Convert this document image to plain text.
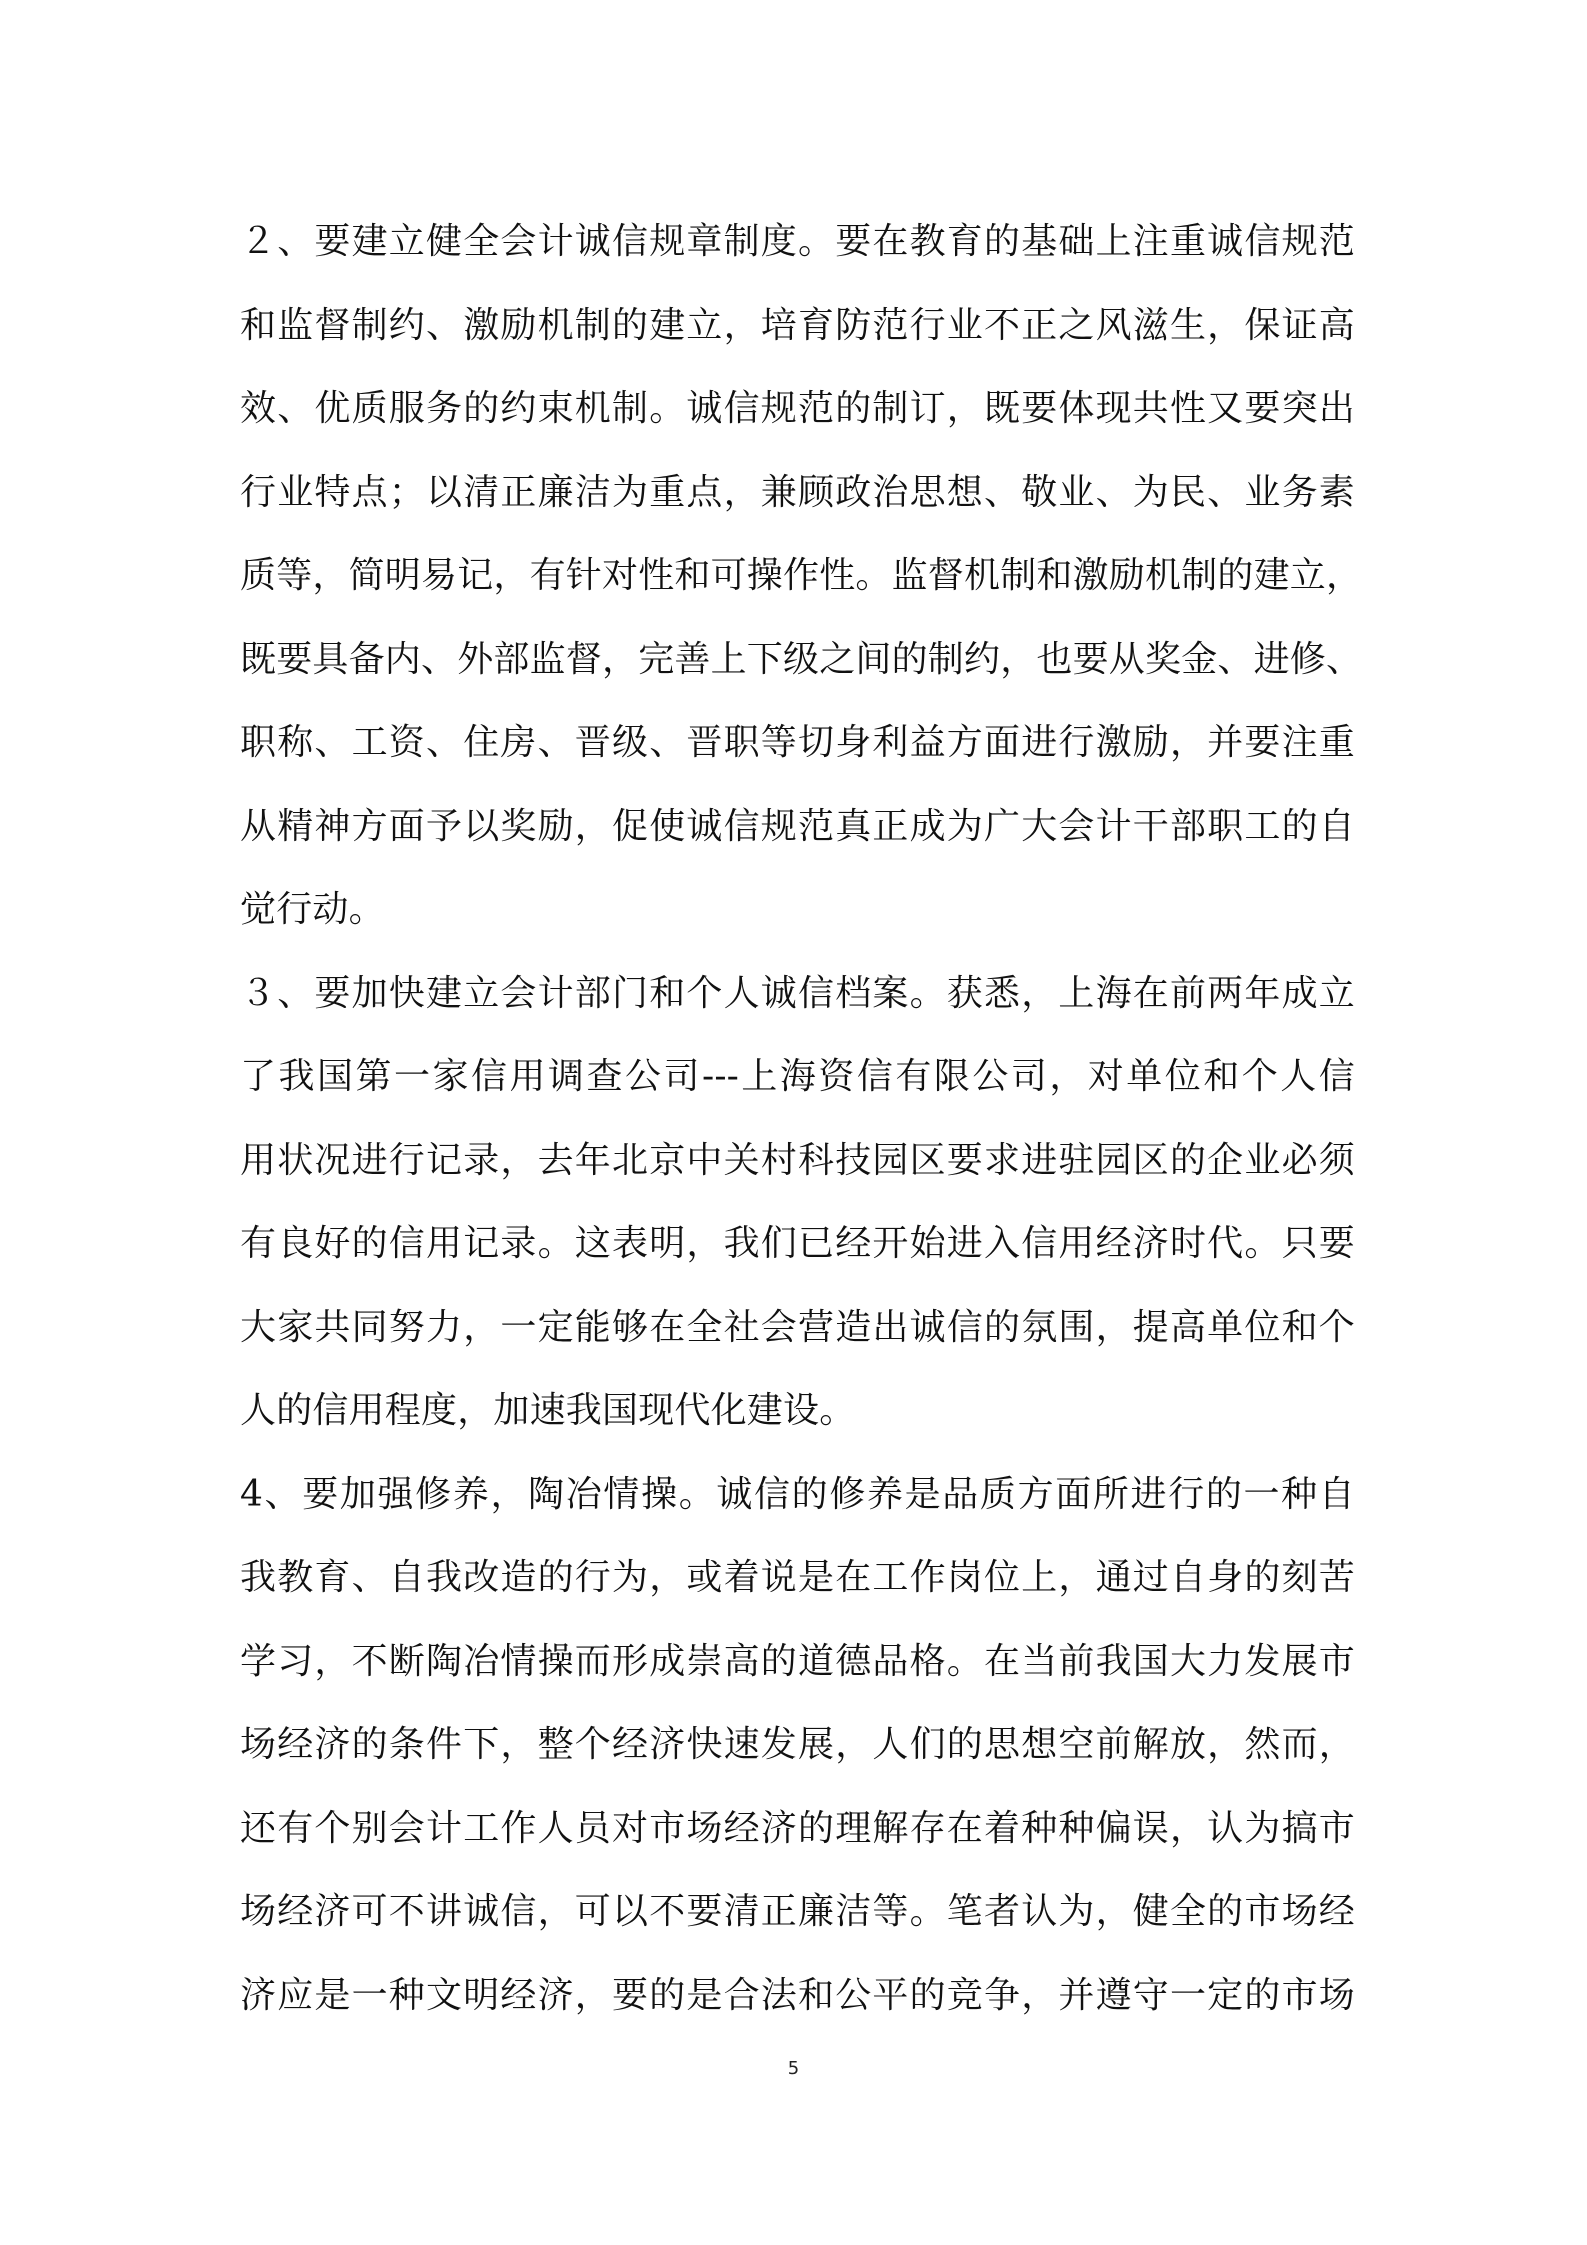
２、要建立健全会计诚信规章制度。要在教育的基础上注重诚信规范
和监督制约、激励机制的建立，培育防范行业不正之风滋生，保证高
效、优质服务的约束机制。诚信规范的制订，既要体现共性又要突出
行业特点；以清正廉洁为重点，兼顾政治思想、敬业、为民、业务素
质等，简明易记，有针对性和可操作性。监督机制和激励机制的建立，
既要具备内、外部监督，完善上下级之间的制约，也要从奖金、进修、
职称、工资、住房、晋级、晋职等切身利益方面进行激励，并要注重
从精神方面予以奖励，促使诚信规范真正成为广大会计干部职工的自
觉行动。
３、要加快建立会计部门和个人诚信档案。获悉，上海在前两年成立
了我国第一家信用调查公司---上海资信有限公司，对单位和个人信
用状况进行记录，去年北京中关村科技园区要求进驻园区的企业必须
有良好的信用记录。这表明，我们已经开始进入信用经济时代。只要
大家共同努力，一定能够在全社会营造出诚信的氛围，提高单位和个
人的信用程度，加速我国现代化建设。
4、要加强修养，陶冶情操。诚信的修养是品质方面所进行的一种自
我教育、自我改造的行为，或着说是在工作岗位上，通过自身的刻苦
学习，不断陶冶情操而形成崇高的道德品格。在当前我国大力发展市
场经济的条件下，整个经济快速发展，人们的思想空前解放，然而，
还有个别会计工作人员对市场经济的理解存在着种种偏误，认为搞市
场经济可不讲诚信，可以不要清正廉洁等。笔者认为，健全的市场经
济应是一种文明经济，要的是合法和公平的竞争，并遵守一定的市场
5
